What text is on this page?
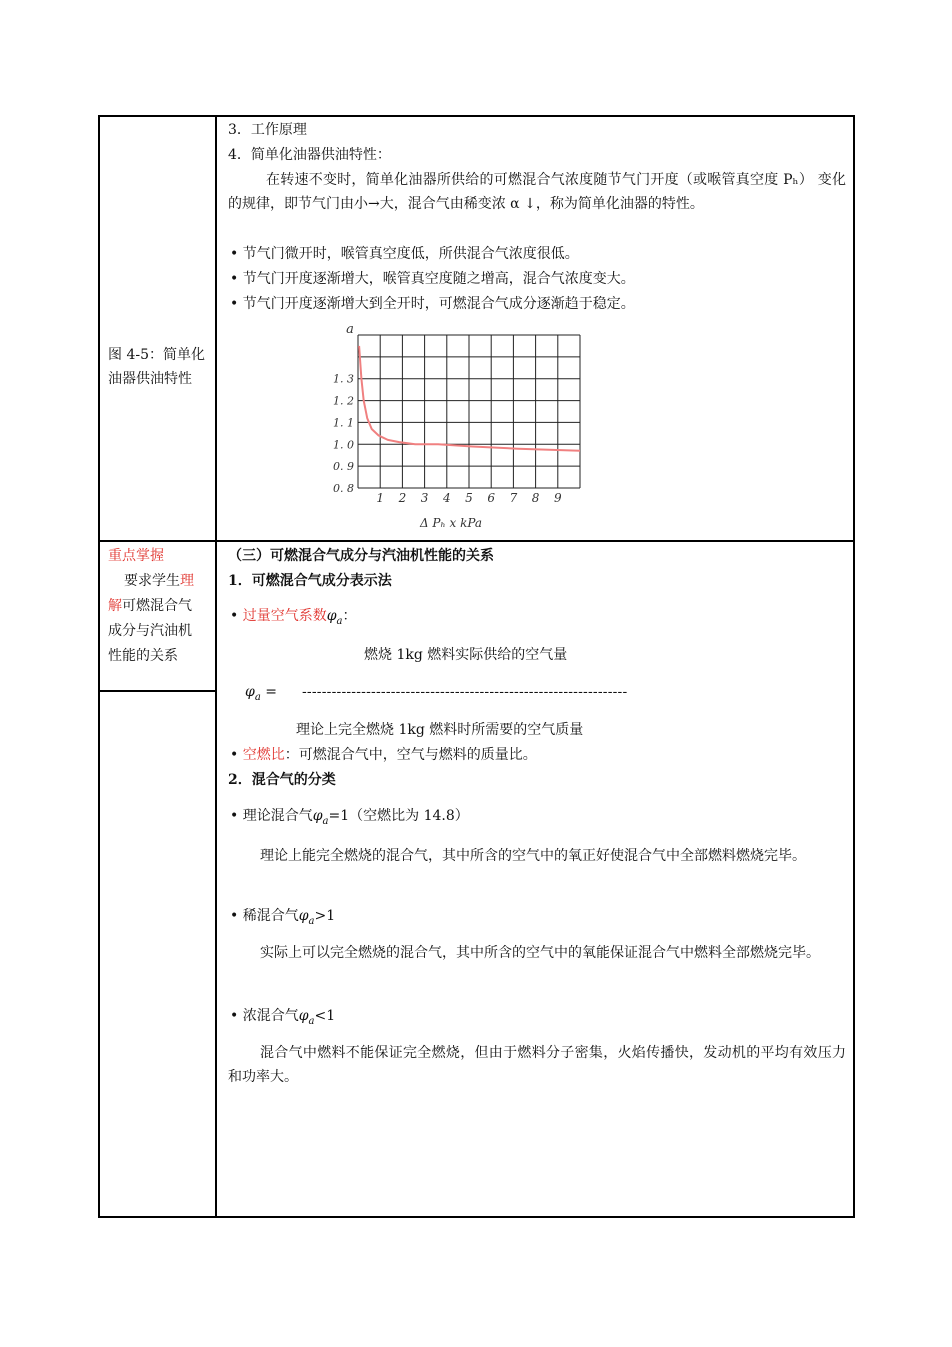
图 4-5：简单化油器供油特性
3．工作原理
4．简单化油器供油特性：
在转速不变时，简单化油器所供给的可燃混合气浓度随节气门开度（或喉管真空度 Pₕ） 变化的规律，即节气门由小→大，混合气由稀变浓 α ↓，称为简单化油器的特性。
• 节气门微开时，喉管真空度低，所供混合气浓度很低。
• 节气门开度逐渐增大，喉管真空度随之增高，混合气浓度变大。
• 节气门开度逐渐增大到全开时，可燃混合气成分逐渐趋于稳定。
1. 3
1. 2
1. 1
1. 0
0. 9
0. 8
1 2 3 4 5 6 7 8 9
a
Δ Pₕ x kPa
重点掌握
要求学生理
解可燃混合气
成分与汽油机
性能的关系
（三）可燃混合气成分与汽油机性能的关系
1．可燃混合气成分表示法
• 过量空气系数$\varphi_a$：
燃烧 1kg 燃料实际供给的空气量
$\varphi_a$ = ------------------------------------------------------------------
理论上完全燃烧 1kg 燃料时所需要的空气质量
• 空燃比：可燃混合气中，空气与燃料的质量比。
2．混合气的分类
• 理论混合气$\varphi_a=1$（空燃比为 14.8）
理论上能完全燃烧的混合气，其中所含的空气中的氧正好使混合气中全部燃料燃烧完毕。
• 稀混合气$\varphi_a>1$
实际上可以完全燃烧的混合气，其中所含的空气中的氧能保证混合气中燃料全部燃烧完毕。
• 浓混合气$\varphi_a<1$
混合气中燃料不能保证完全燃烧，但由于燃料分子密集，火焰传播快，发动机的平均有效压力和功率大。
